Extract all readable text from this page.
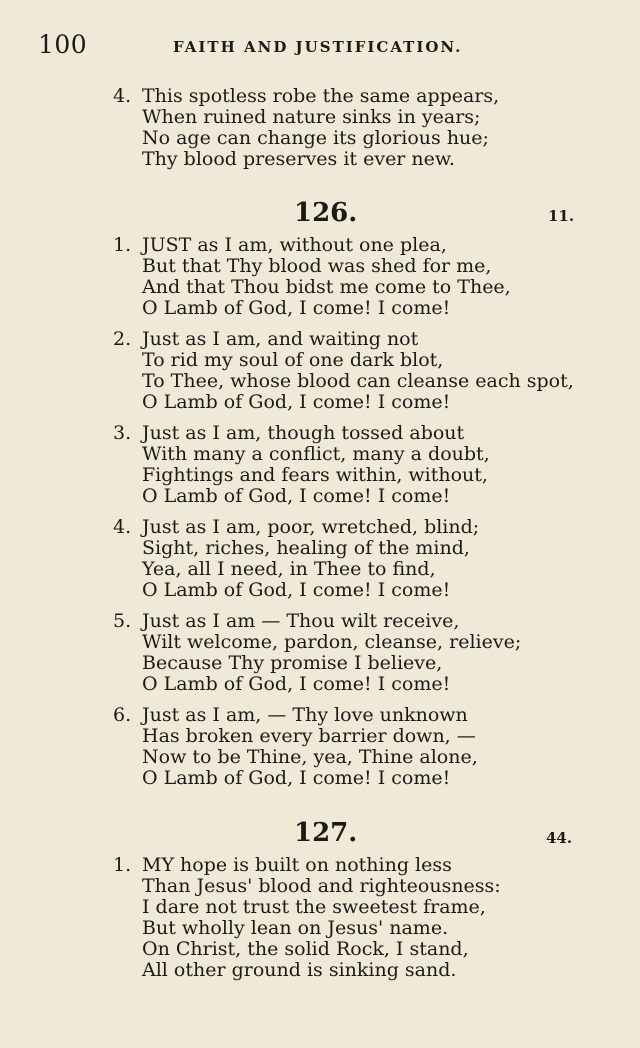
100	FAITH AND JUSTIFICATION.
4. This spotless robe the same appears,
When ruined nature sinks in years;
No age can change its glorious hue;
Thy blood preserves it ever new.
126.	11.
1. JUST as I am, without one plea,
But that Thy blood was shed for me,
And that Thou bidst me come to Thee,
O Lamb of God, I come! I come!
2. Just as I am, and waiting not
To rid my soul of one dark blot,
To Thee, whose blood can cleanse each spot,
O Lamb of God, I come! I come!
3. Just as I am, though tossed about
With many a conflict, many a doubt,
Fightings and fears within, without,
O Lamb of God, I come! I come!
4. Just as I am, poor, wretched, blind;
Sight, riches, healing of the mind,
Yea, all I need, in Thee to find,
O Lamb of God, I come! I come!
5. Just as I am — Thou wilt receive,
Wilt welcome, pardon, cleanse, relieve;
Because Thy promise I believe,
O Lamb of God, I come! I come!
6. Just as I am, — Thy love unknown
Has broken every barrier down, —
Now to be Thine, yea, Thine alone,
O Lamb of God, I come! I come!
127.	44.
1. MY hope is built on nothing less
Than Jesus' blood and righteousness:
I dare not trust the sweetest frame,
But wholly lean on Jesus' name.
On Christ, the solid Rock, I stand,
All other ground is sinking sand.
